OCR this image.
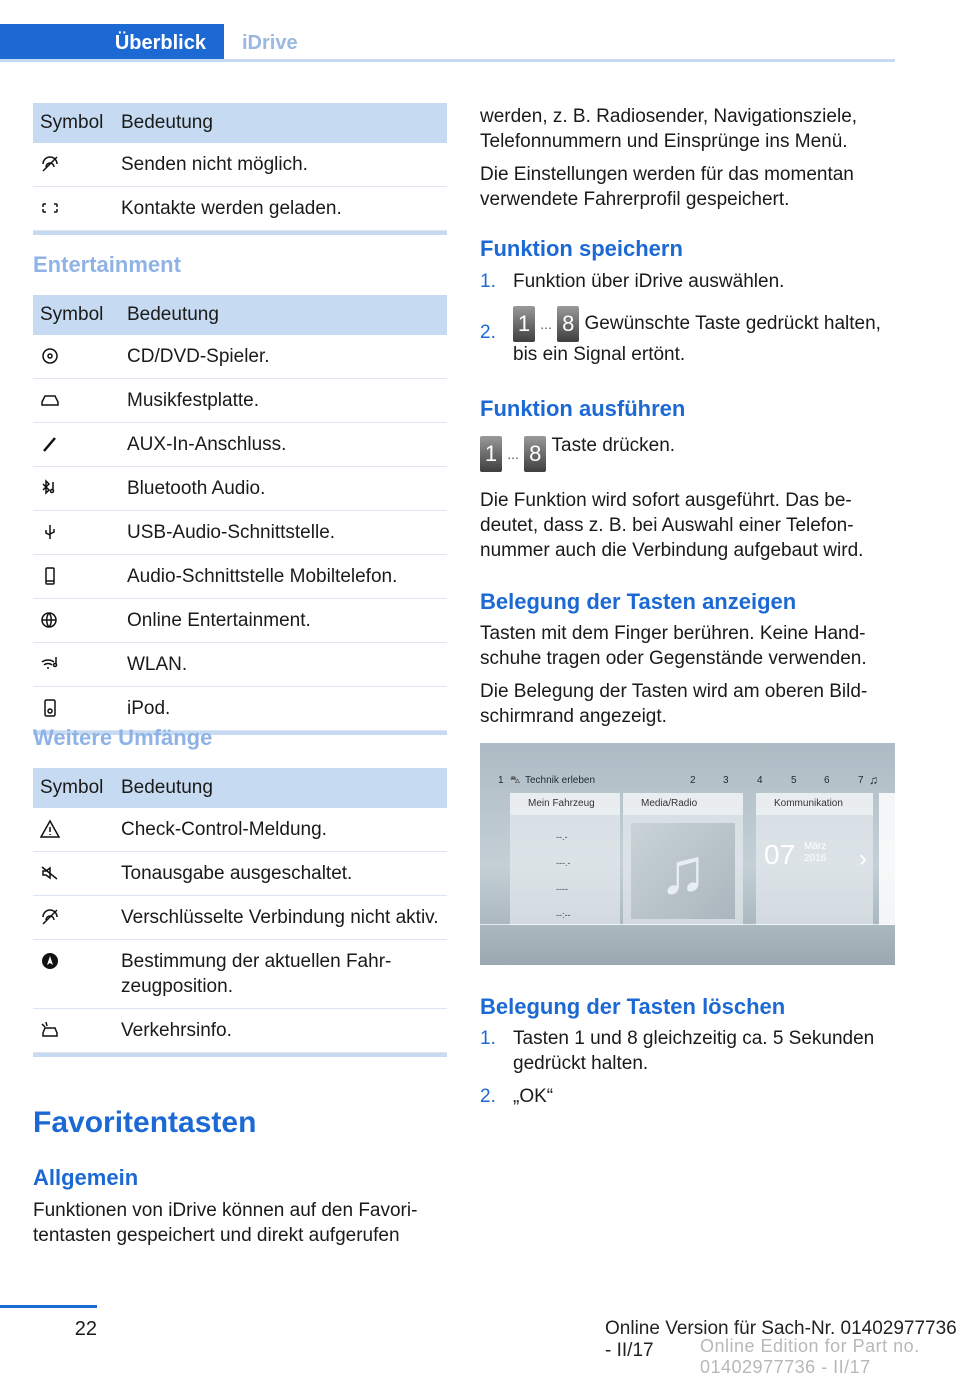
Überblick	iDrive
Symbol Bedeutung
Senden nicht möglich.
Kontakte werden geladen.
Entertainment
Symbol	Bedeutung
CD/DVD-Spieler.
Musikfestplatte.
AUX-In-Anschluss.
Bluetooth Audio.
USB-Audio-Schnittstelle.
Audio-Schnittstelle Mobiltelefon.
Online Entertainment.
WLAN.
iPod.
Weitere Umfänge
Symbol Bedeutung
Check-Control-Meldung.
Tonausgabe ausgeschaltet.
Verschlüsselte Verbindung nicht aktiv.
Bestimmung der aktuellen Fahrzeugposition.
Verkehrsinfo.
Favoritentasten
Allgemein
Funktionen von iDrive können auf den Favoritentasten gespeichert und direkt aufgerufen
werden, z. B. Radiosender, Navigationsziele, Telefonnummern und Einsprünge ins Menü.
Die Einstellungen werden für das momentan verwendete Fahrerprofil gespeichert.
Funktion speichern
1. Funktion über iDrive auswählen.
2. 1 ... 8 Gewünschte Taste gedrückt halten, bis ein Signal ertönt.
Funktion ausführen
1 ... 8 Taste drücken.
Die Funktion wird sofort ausgeführt. Das bedeutet, dass z. B. bei Auswahl einer Telefonnummer auch die Verbindung aufgebaut wird.
Belegung der Tasten anzeigen
Tasten mit dem Finger berühren. Keine Handschuhe tragen oder Gegenstände verwenden.
Die Belegung der Tasten wird am oberen Bildschirmrand angezeigt.
1 ⛍ Technik erleben	2	3	4	5	6	7 ♫
Mein Fahrzeug
--.-
---.-
----
--:--
Media/Radio
♫
Kommunikation
07 März
2016 ›
Belegung der Tasten löschen
1. Tasten 1 und 8 gleichzeitig ca. 5 Sekunden gedrückt halten.
2. „OK“
22	Online Version für Sach-Nr. 01402977736 - II/17	Online Edition for Part no. 01402977736 - II/17
